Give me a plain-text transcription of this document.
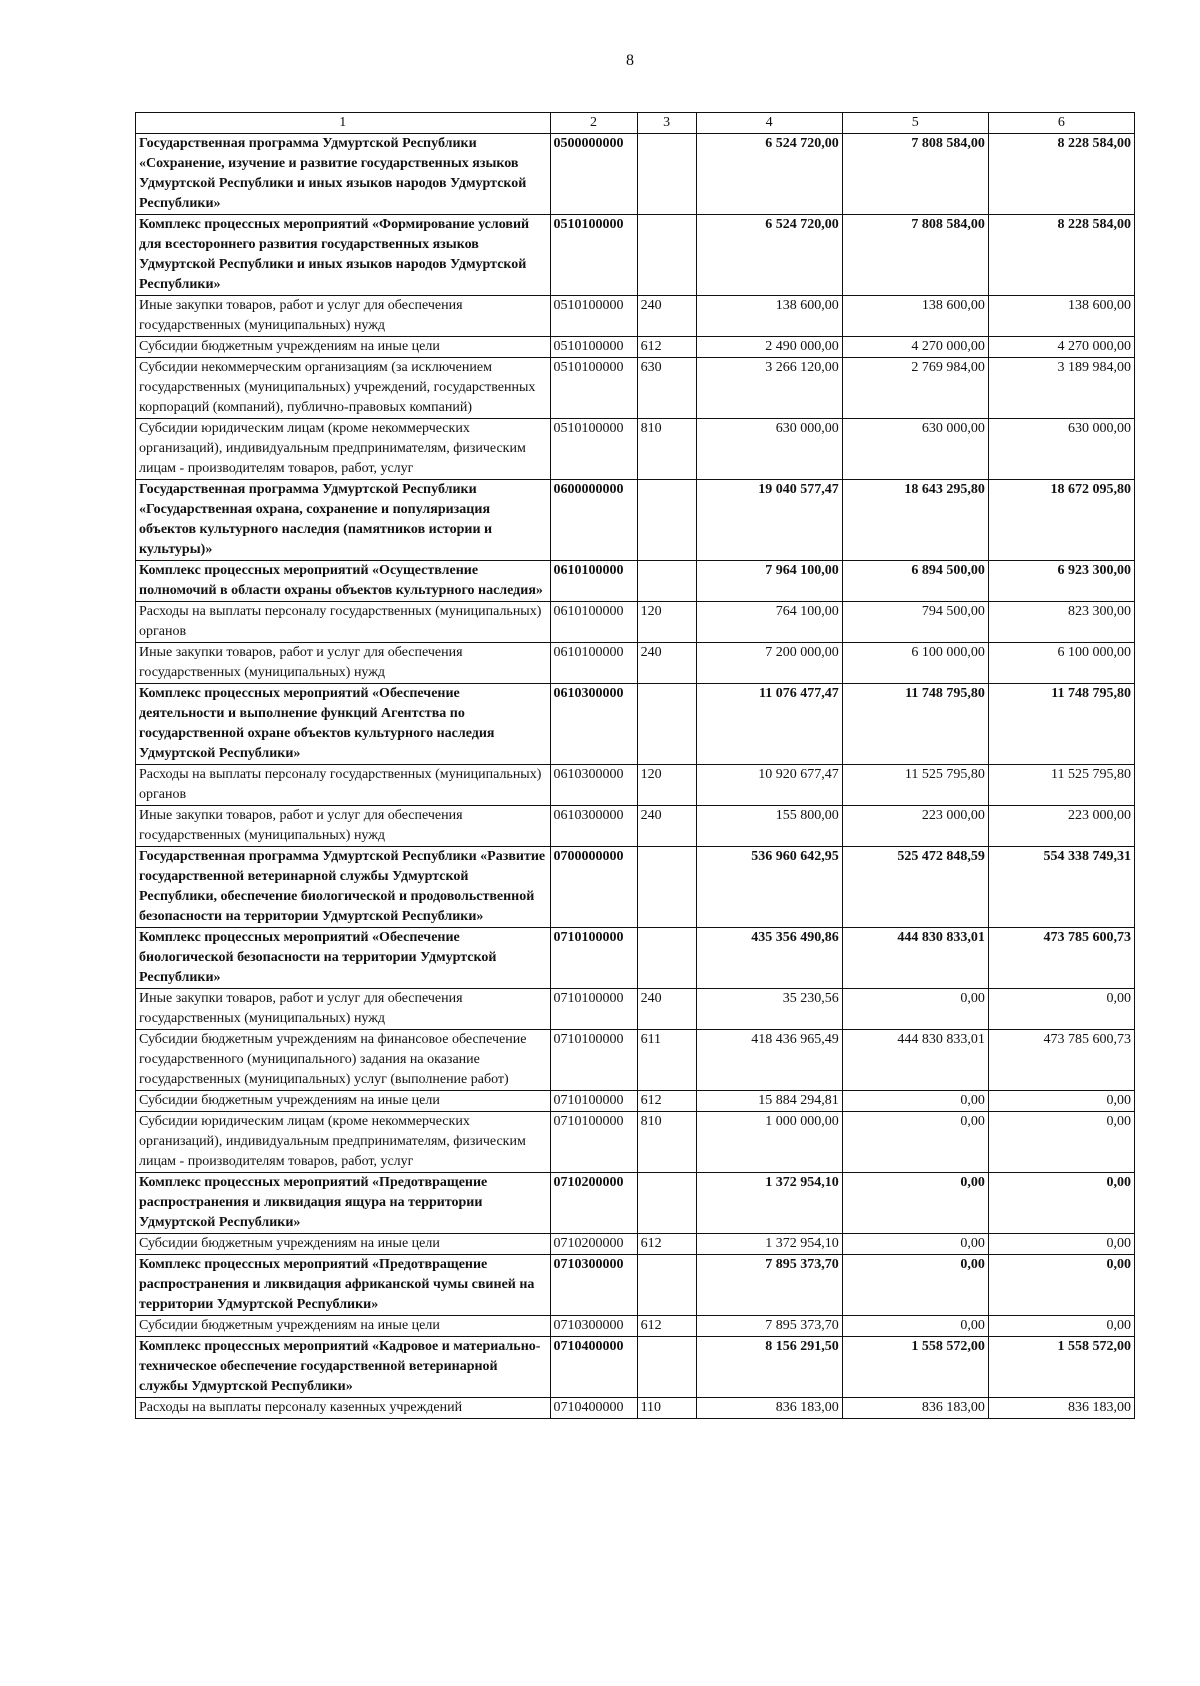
8
1	2	3	4	5	6
Государственная программа Удмуртской Республики «Сохранение, изучение и развитие государственных языков Удмуртской Республики и иных языков народов Удмуртской Республики»	0500000000		6 524 720,00	7 808 584,00	8 228 584,00
Комплекс процессных мероприятий «Формирование условий для всестороннего развития государственных языков Удмуртской Республики и иных языков народов Удмуртской Республики»	0510100000		6 524 720,00	7 808 584,00	8 228 584,00
Иные закупки товаров, работ и услуг для обеспечения государственных (муниципальных) нужд	0510100000	240	138 600,00	138 600,00	138 600,00
Субсидии бюджетным учреждениям на иные цели	0510100000	612	2 490 000,00	4 270 000,00	4 270 000,00
Субсидии некоммерческим организациям (за исключением государственных (муниципальных) учреждений, государственных корпораций (компаний), публично-правовых компаний)	0510100000	630	3 266 120,00	2 769 984,00	3 189 984,00
Субсидии юридическим лицам (кроме некоммерческих организаций), индивидуальным предпринимателям, физическим лицам - производителям товаров, работ, услуг	0510100000	810	630 000,00	630 000,00	630 000,00
Государственная программа Удмуртской Республики «Государственная охрана, сохранение и популяризация объектов культурного наследия (памятников истории и культуры)»	0600000000		19 040 577,47	18 643 295,80	18 672 095,80
Комплекс процессных мероприятий «Осуществление полномочий в области охраны объектов культурного наследия»	0610100000		7 964 100,00	6 894 500,00	6 923 300,00
Расходы на выплаты персоналу государственных (муниципальных) органов	0610100000	120	764 100,00	794 500,00	823 300,00
Иные закупки товаров, работ и услуг для обеспечения государственных (муниципальных) нужд	0610100000	240	7 200 000,00	6 100 000,00	6 100 000,00
Комплекс процессных мероприятий «Обеспечение деятельности и выполнение функций Агентства по государственной охране объектов культурного наследия Удмуртской Республики»	0610300000		11 076 477,47	11 748 795,80	11 748 795,80
Расходы на выплаты персоналу государственных (муниципальных) органов	0610300000	120	10 920 677,47	11 525 795,80	11 525 795,80
Иные закупки товаров, работ и услуг для обеспечения государственных (муниципальных) нужд	0610300000	240	155 800,00	223 000,00	223 000,00
Государственная программа Удмуртской Республики «Развитие государственной ветеринарной службы Удмуртской Республики, обеспечение биологической и продовольственной безопасности на территории Удмуртской Республики»	0700000000		536 960 642,95	525 472 848,59	554 338 749,31
Комплекс процессных мероприятий «Обеспечение биологической безопасности на территории Удмуртской Республики»	0710100000		435 356 490,86	444 830 833,01	473 785 600,73
Иные закупки товаров, работ и услуг для обеспечения государственных (муниципальных) нужд	0710100000	240	35 230,56	0,00	0,00
Субсидии бюджетным учреждениям на финансовое обеспечение государственного (муниципального) задания на оказание государственных (муниципальных) услуг (выполнение работ)	0710100000	611	418 436 965,49	444 830 833,01	473 785 600,73
Субсидии бюджетным учреждениям на иные цели	0710100000	612	15 884 294,81	0,00	0,00
Субсидии юридическим лицам (кроме некоммерческих организаций), индивидуальным предпринимателям, физическим лицам - производителям товаров, работ, услуг	0710100000	810	1 000 000,00	0,00	0,00
Комплекс процессных мероприятий «Предотвращение распространения и ликвидация ящура на территории Удмуртской Республики»	0710200000		1 372 954,10	0,00	0,00
Субсидии бюджетным учреждениям на иные цели	0710200000	612	1 372 954,10	0,00	0,00
Комплекс процессных мероприятий «Предотвращение распространения и ликвидация африканской чумы свиней на территории Удмуртской Республики»	0710300000		7 895 373,70	0,00	0,00
Субсидии бюджетным учреждениям на иные цели	0710300000	612	7 895 373,70	0,00	0,00
Комплекс процессных мероприятий «Кадровое и материально-техническое обеспечение государственной ветеринарной службы Удмуртской Республики»	0710400000		8 156 291,50	1 558 572,00	1 558 572,00
Расходы на выплаты персоналу казенных учреждений	0710400000	110	836 183,00	836 183,00	836 183,00
